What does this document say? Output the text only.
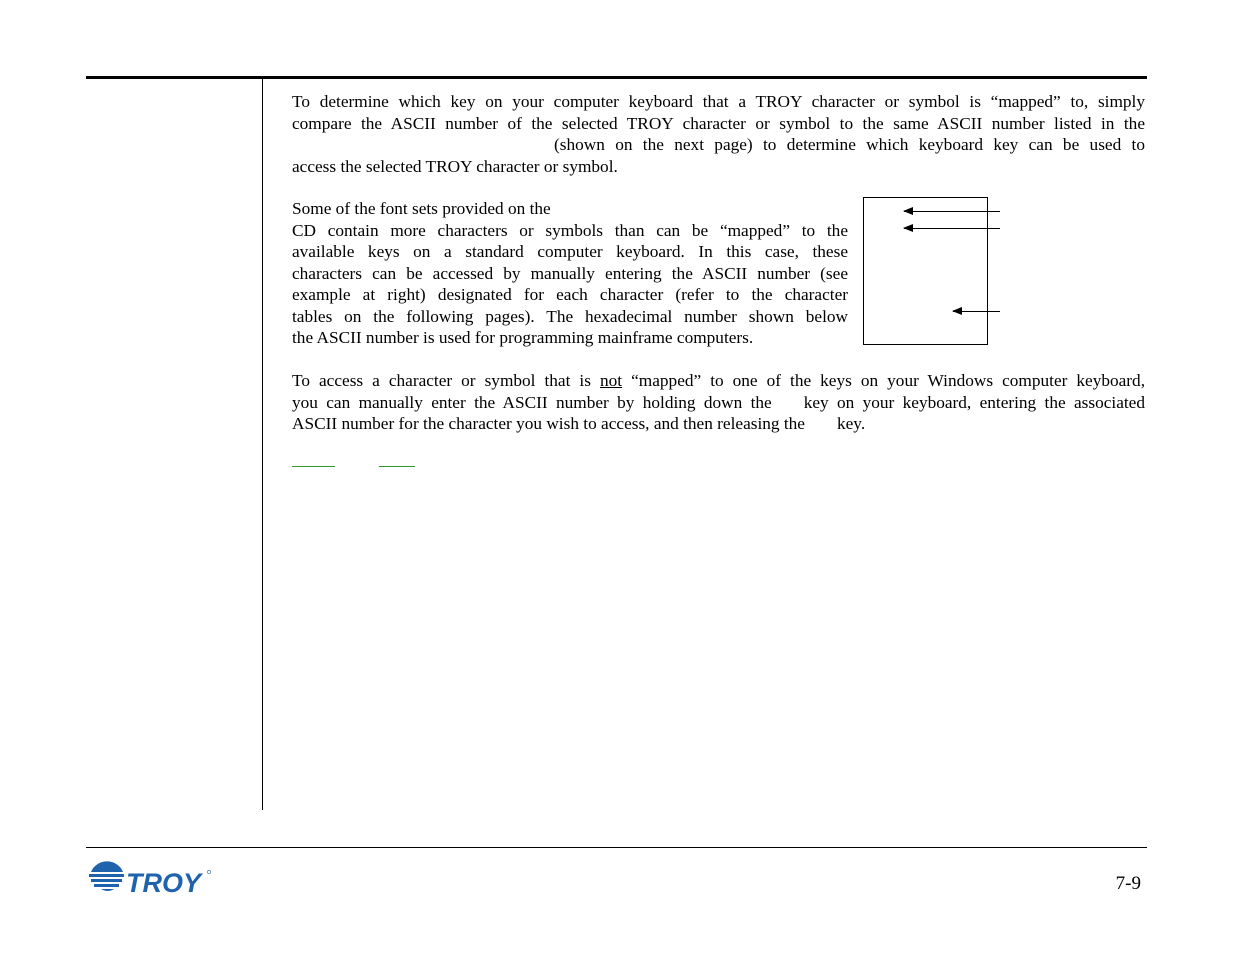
To determine which key on your computer keyboard that a TROY character or symbol is “mapped” to, simply
compare the ASCII number of the selected TROY character or symbol to the same ASCII number listed in the
(shown on the next page) to determine which keyboard key can be used to
access the selected TROY character or symbol.
Some of the font sets provided on the
CD contain more characters or symbols than can be “mapped” to the
available keys on a standard computer keyboard. In this case, these
characters can be accessed by manually entering the ASCII number (see
example at right) designated for each character (refer to the character
tables on the following pages). The hexadecimal number shown below
the ASCII number is used for programming mainframe computers.
To access a character or symbol that is not “mapped” to one of the keys on your Windows computer keyboard,
you can manually enter the ASCII number by holding down the key on your keyboard, entering the associated
ASCII number for the character you wish to access, and then releasing the key.
TROY	7-9
